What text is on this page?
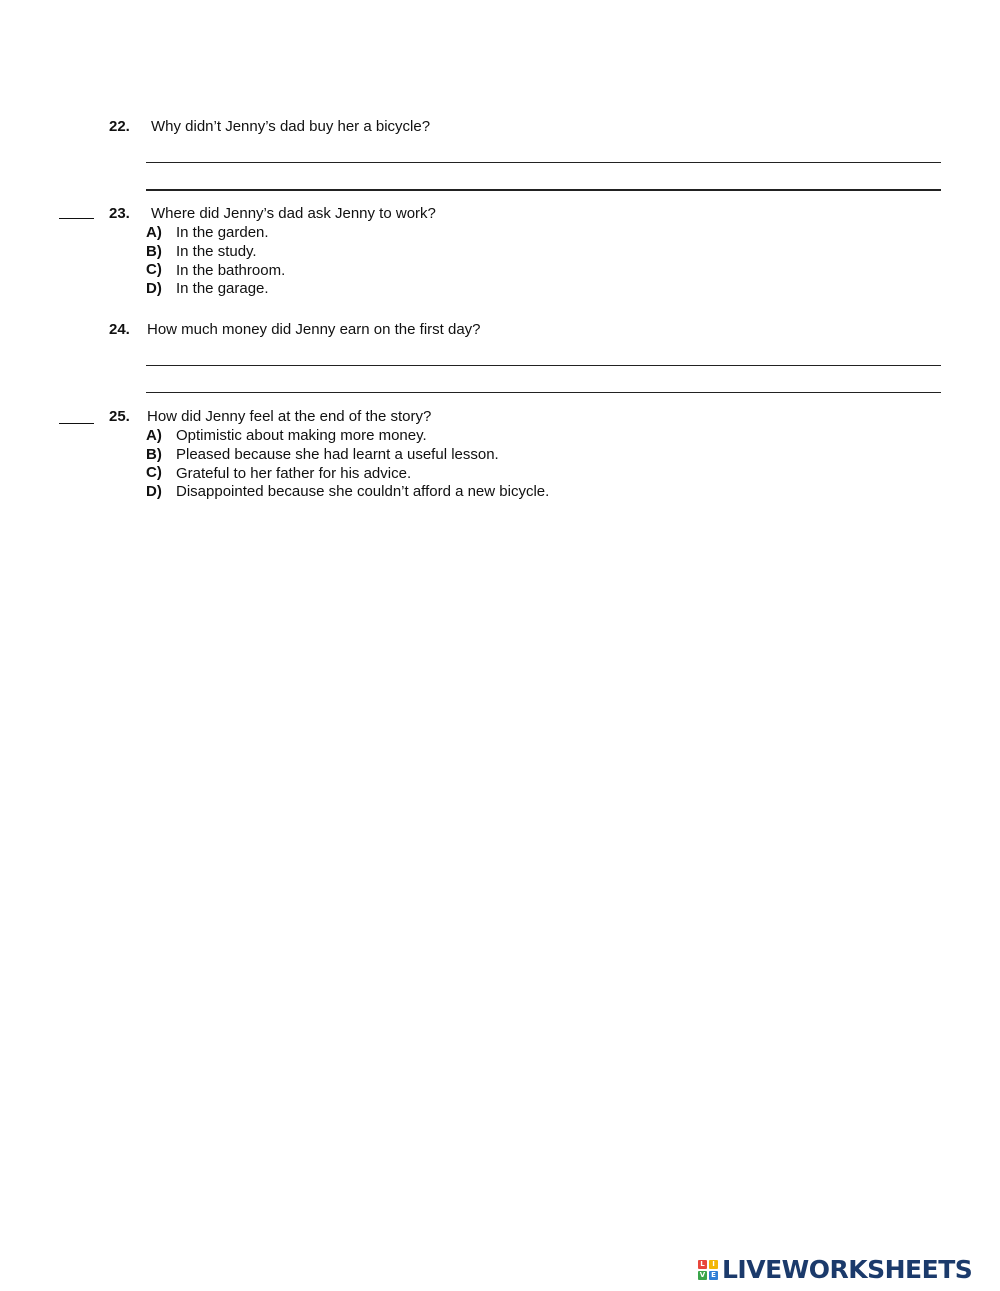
22. Why didn’t Jenny’s dad buy her a bicycle?
23. Where did Jenny’s dad ask Jenny to work?
A) In the garden.
B) In the study.
C) In the bathroom.
D) In the garage.
24. How much money did Jenny earn on the first day?
25. How did Jenny feel at the end of the story?
A) Optimistic about making more money.
B) Pleased because she had learnt a useful lesson.
C) Grateful to her father for his advice.
D) Disappointed because she couldn’t afford a new bicycle.
L	I
V E LIVEWORKSHEETS
